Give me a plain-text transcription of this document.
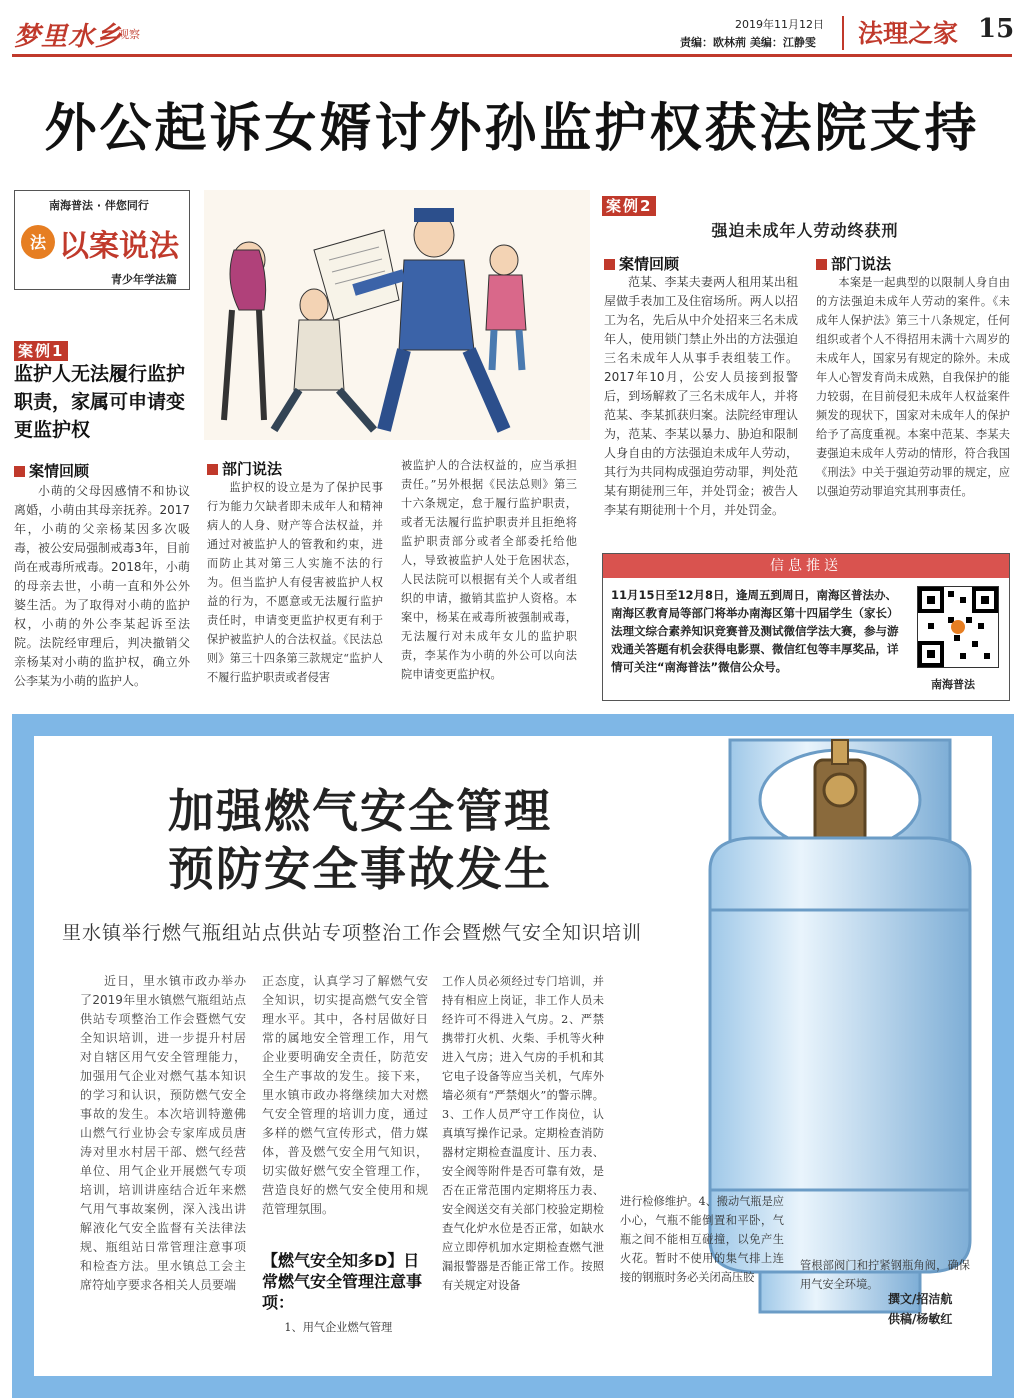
梦里水乡
观察
2019年11月12日
责编：欧林荊 美编：江静雯 法理之家 15
外公起诉女婿讨外孙监护权获法院支持
南海普法 · 伴您同行
法 以案说法
青少年学法篇
案例1
监护人无法履行监护职责，家属可申请变更监护权
案情回顾

小萌的父母因感情不和协议离婚，小萌由其母亲抚养。2017年，小萌的父亲杨某因多次吸毒，被公安局强制戒毒3年，目前尚在戒毒所戒毒。2018年，小萌的母亲去世，小萌一直和外公外婆生活。为了取得对小萌的监护权，小萌的外公李某起诉至法院。法院经审理后，判决撤销父亲杨某对小萌的监护权，确立外公李某为小萌的监护人。

部门说法

监护权的设立是为了保护民事行为能力欠缺者即未成年人和精神病人的人身、财产等合法权益，并通过对被监护人的管教和约束，进而防止其对第三人实施不法的行为。但当监护人有侵害被监护人权益的行为，不愿意或无法履行监护责任时，申请变更监护权更有利于保护被监护人的合法权益。《民法总则》第三十四条第三款规定“监护人不履行监护职责或者侵害

被监护人的合法权益的，应当承担责任。”另外根据《民法总则》第三十六条规定，怠于履行监护职责，或者无法履行监护职责并且拒绝将监护职责部分或者全部委托给他人，导致被监护人处于危困状态，人民法院可以根据有关个人或者组织的申请，撤销其监护人资格。本案中，杨某在戒毒所被强制戒毒，无法履行对未成年女儿的监护职责，李某作为小萌的外公可以向法院申请变更监护权。

案例2
强迫未成年人劳动终获刑
案情回顾

范某、李某夫妻两人租用某出租屋做手表加工及住宿场所。两人以招工为名，先后从中介处招来三名未成年人，使用锁门禁止外出的方法强迫三名未成年人从事手表组装工作。2017年10月，公安人员接到报警后，到场解救了三名未成年人，并将范某、李某抓获归案。法院经审理认为，范某、李某以暴力、胁迫和限制人身自由的方法强迫未成年人劳动，其行为共同构成强迫劳动罪，判处范某有期徒刑三年，并处罚金；被告人李某有期徒刑十个月，并处罚金。

部门说法

本案是一起典型的以限制人身自由的方法强迫未成年人劳动的案件。《未成年人保护法》第三十八条规定，任何组织或者个人不得招用未满十六周岁的未成年人，国家另有规定的除外。未成年人心智发育尚未成熟，自我保护的能力较弱，在目前侵犯未成年人权益案件频发的现状下，国家对未成年人的保护给予了高度重视。本案中范某、李某夫妻强迫未成年人劳动的情形，符合我国《刑法》中关于强迫劳动罪的规定，应以强迫劳动罪追究其刑事责任。

信息推送
11月15日至12月8日，逢周五到周日，南海区普法办、南海区教育局等部门将举办南海区第十四届学生（家长）法理文综合素养知识竞赛普及测试微信学法大赛，参与游戏通关答题有机会获得电影票、微信红包等丰厚奖品，详情可关注“南海普法”微信公众号。
南海普法
加强燃气安全管理
预防安全事故发生
里水镇举行燃气瓶组站点供站专项整治工作会暨燃气安全知识培训

近日，里水镇市政办举办了2019年里水镇燃气瓶组站点供站专项整治工作会暨燃气安全知识培训，进一步提升村居对自辖区用气安全管理能力，加强用气企业对燃气基本知识的学习和认识，预防燃气安全事故的发生。本次培训特邀佛山燃气行业协会专家库成员唐涛对里水村居干部、燃气经营单位、用气企业开展燃气专项培训，培训讲座结合近年来燃气用气事故案例，深入浅出讲解液化气安全监督有关法律法规、瓶组站日常管理注意事项和检查方法。里水镇总工会主席符灿亨要求各相关人员要端

正态度，认真学习了解燃气安全知识，切实提高燃气安全管理水平。其中，各村居做好日常的属地安全管理工作，用气企业要明确安全责任，防范安全生产事故的发生。接下来，里水镇市政办将继续加大对燃气安全管理的培训力度，通过多样的燃气宣传形式，借力媒体，普及燃气安全用气知识，切实做好燃气安全管理工作，营造良好的燃气安全使用和规范管理氛围。

【燃气安全知多D】日常燃气安全管理注意事项：

1、用气企业燃气管理

工作人员必须经过专门培训，并持有相应上岗证，非工作人员未经许可不得进入气房。2、严禁携带打火机、火柴、手机等火种进入气房；进入气房的手机和其它电子设备等应当关机，气库外墙必须有“严禁烟火”的警示牌。3、工作人员严守工作岗位，认真填写操作记录。定期检查消防器材定期检查温度计、压力表、安全阀等附件是否可靠有效，是否在正常范围内定期将压力表、安全阀送交有关部门校验定期检查气化炉水位是否正常，如缺水应立即停机加水定期检查燃气泄漏报警器是否能正常工作。按照有关规定对设备

进行检修维护。4、搬动气瓶是应小心，气瓶不能倒置和平卧，气瓶之间不能相互碰撞，以免产生火花。暂时不使用的集气排上连接的钢瓶时务必关闭高压胶

管根部阀门和拧紧钢瓶角阀，确保用气安全环境。

撰文/招洁航
供稿/杨敏红
